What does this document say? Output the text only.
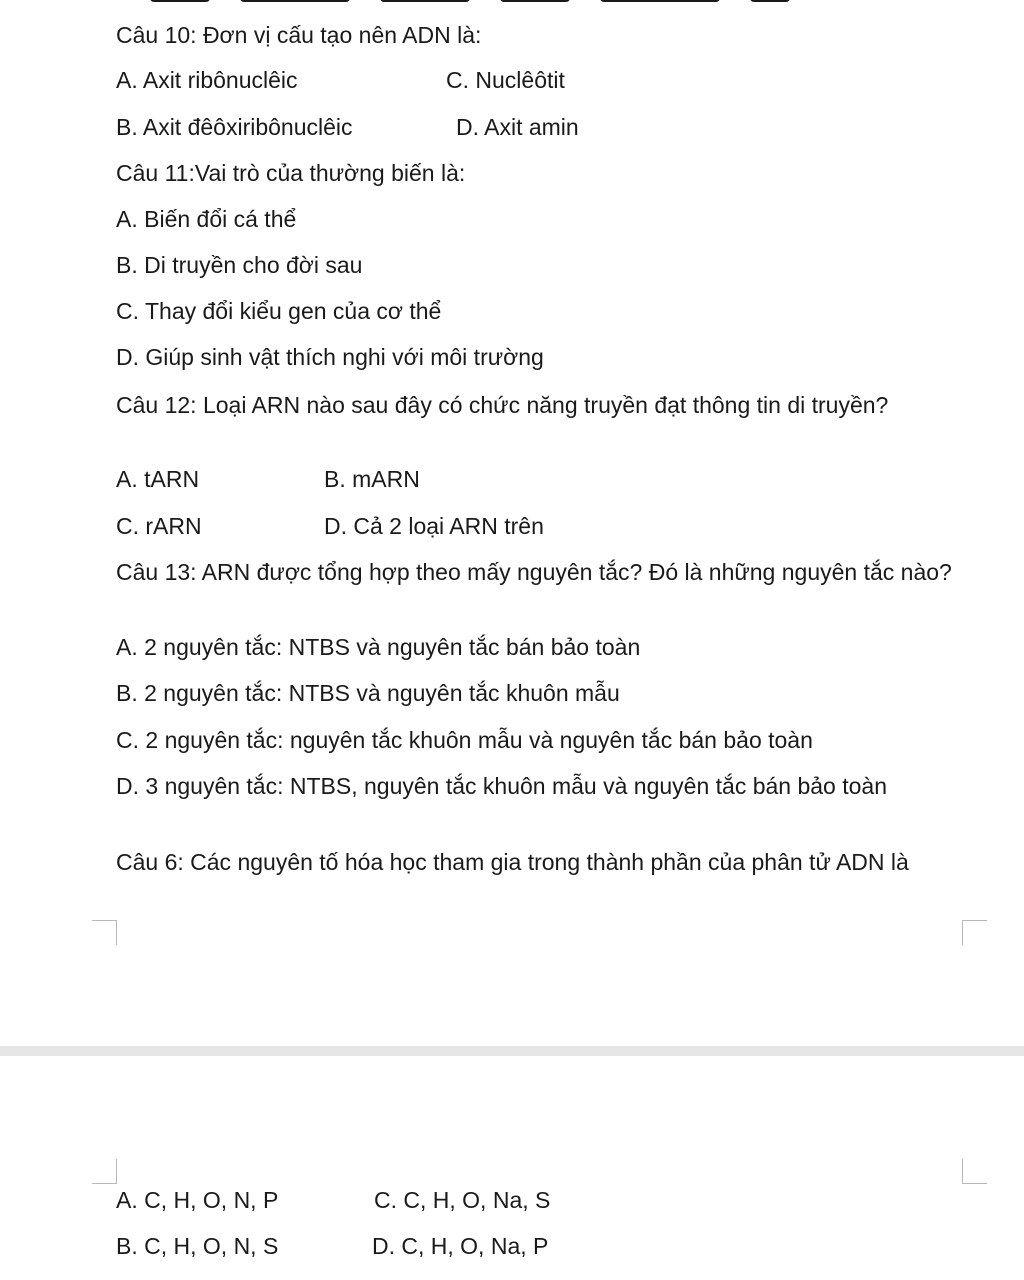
Câu 10: Đơn vị cấu tạo nên ADN là:
A. Axit ribônuclêic	C. Nuclêôtit
B. Axit đêôxiribônuclêic	D. Axit amin
Câu 11:Vai trò của thường biến là:
A. Biến đổi cá thể
B. Di truyền cho đời sau
C. Thay đổi kiểu gen của cơ thể
D. Giúp sinh vật thích nghi với môi trường
Câu 12: Loại ARN nào sau đây có chức năng truyền đạt thông tin di truyền?
A. tARN	B. mARN
C. rARN	D. Cả 2 loại ARN trên
Câu 13: ARN được tổng hợp theo mấy nguyên tắc? Đó là những nguyên tắc nào?
A. 2 nguyên tắc: NTBS và nguyên tắc bán bảo toàn
B. 2 nguyên tắc: NTBS và nguyên tắc khuôn mẫu
C. 2 nguyên tắc: nguyên tắc khuôn mẫu và nguyên tắc bán bảo toàn
D. 3 nguyên tắc: NTBS, nguyên tắc khuôn mẫu và nguyên tắc bán bảo toàn
Câu 6: Các nguyên tố hóa học tham gia trong thành phần của phân tử ADN là
A. C, H, O, N, P	C. C, H, O, Na, S
B. C, H, O, N, S	D. C, H, O, Na, P
